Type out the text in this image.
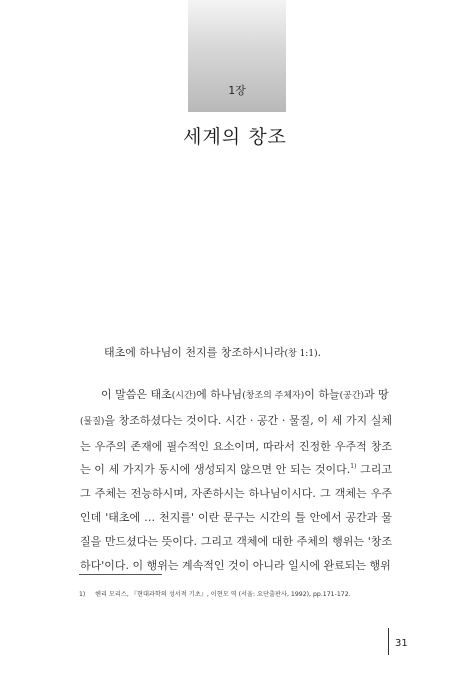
1장
세계의 창조
태초에 하나님이 천지를 창조하시니라(창 1:1).

이 말씀은 태초(시간)에 하나님(창조의 주체자)이 하늘(공간)과 땅
(물질)을 창조하셨다는 것이다. 시간 · 공간 · 물질, 이 세 가지 실체는 우주의 존재에 필수적인 요소이며, 따라서 진정한 우주적 창조는 이 세 가지가 동시에 생성되지 않으면 안 되는 것이다.$^{1)}$ 그리고 그 주체는 전능하시며, 자존하시는 하나님이시다. 그 객체는 우주인데 '태초에 … 천지를' 이란 문구는 시간의 틀 안에서 공간과 물질을 만드셨다는 뜻이다. 그리고 객체에 대한 주체의 행위는 '창조하다'이다. 이 행위는 계속적인 것이 아니라 일시에 완료되는 행위

1) 헨리 모리스, 『현대과학의 성서적 기초』, 이현모 역 (서울: 요단출판사, 1992), pp.171-172.
31
